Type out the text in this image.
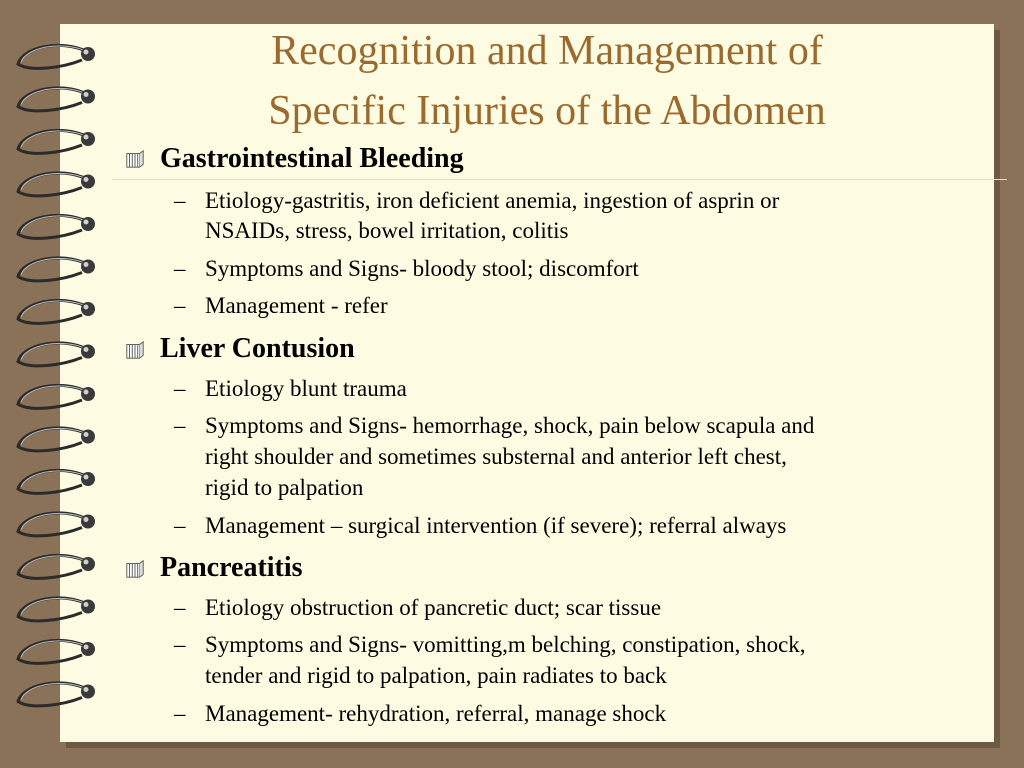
Recognition and Management of
Specific Injuries of the Abdomen
Gastrointestinal Bleeding
– Etiology-gastritis, iron deficient anemia, ingestion of asprin or
NSAIDs, stress, bowel irritation, colitis
– Symptoms and Signs- bloody stool; discomfort
– Management - refer
Liver Contusion
– Etiology blunt trauma
– Symptoms and Signs- hemorrhage, shock, pain below scapula and
right shoulder and sometimes substernal and anterior left chest,
rigid to palpation
– Management – surgical intervention (if severe); referral always
Pancreatitis
– Etiology obstruction of pancretic duct; scar tissue
– Symptoms and Signs- vomitting,m belching, constipation, shock,
tender and rigid to palpation, pain radiates to back
– Management- rehydration, referral, manage shock
